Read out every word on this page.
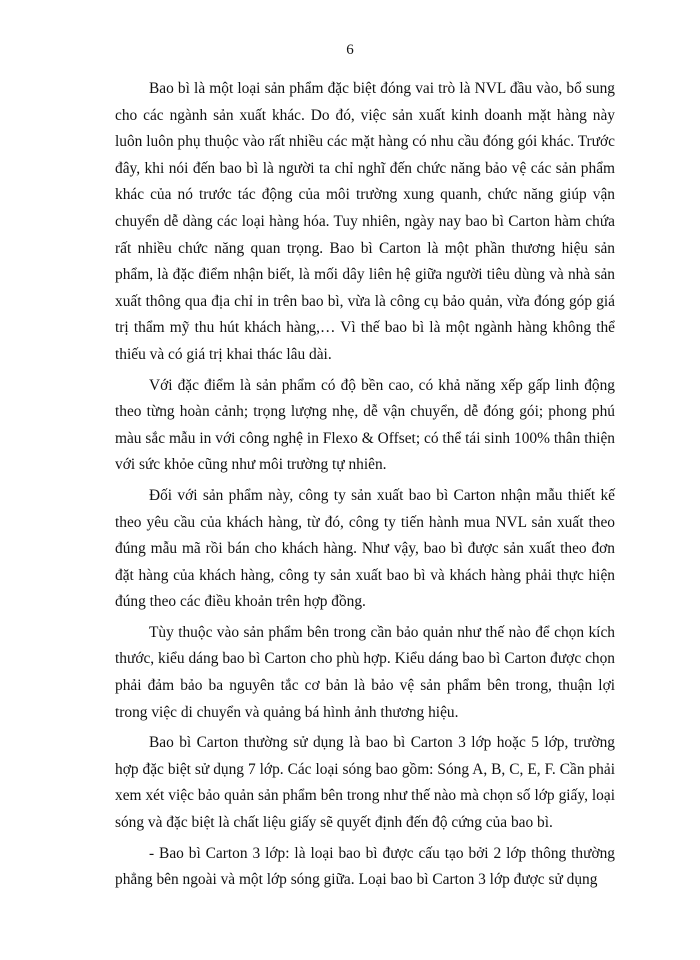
6

Bao bì là một loại sản phẩm đặc biệt đóng vai trò là NVL đầu vào, bổ sung cho các ngành sản xuất khác. Do đó, việc sản xuất kinh doanh mặt hàng này luôn luôn phụ thuộc vào rất nhiều các mặt hàng có nhu cầu đóng gói khác. Trước đây, khi nói đến bao bì là người ta chỉ nghĩ đến chức năng bảo vệ các sản phẩm khác của nó trước tác động của môi trường xung quanh, chức năng giúp vận chuyển dễ dàng các loại hàng hóa. Tuy nhiên, ngày nay bao bì Carton hàm chứa rất nhiều chức năng quan trọng. Bao bì Carton là một phần thương hiệu sản phẩm, là đặc điểm nhận biết, là mối dây liên hệ giữa người tiêu dùng và nhà sản xuất thông qua địa chỉ in trên bao bì, vừa là công cụ bảo quản, vừa đóng góp giá trị thẩm mỹ thu hút khách hàng,… Vì thế bao bì là một ngành hàng không thể thiếu và có giá trị khai thác lâu dài.

Với đặc điểm là sản phẩm có độ bền cao, có khả năng xếp gấp linh động theo từng hoàn cảnh; trọng lượng nhẹ, dễ vận chuyển, dễ đóng gói; phong phú màu sắc mẫu in với công nghệ in Flexo & Offset; có thể tái sinh 100% thân thiện với sức khỏe cũng như môi trường tự nhiên.

Đối với sản phẩm này, công ty sản xuất bao bì Carton nhận mẫu thiết kế theo yêu cầu của khách hàng, từ đó, công ty tiến hành mua NVL sản xuất theo đúng mẫu mã rồi bán cho khách hàng. Như vậy, bao bì được sản xuất theo đơn đặt hàng của khách hàng, công ty sản xuất bao bì và khách hàng phải thực hiện đúng theo các điều khoản trên hợp đồng.

Tùy thuộc vào sản phẩm bên trong cần bảo quản như thế nào để chọn kích thước, kiểu dáng bao bì Carton cho phù hợp. Kiểu dáng bao bì Carton được chọn phải đảm bảo ba nguyên tắc cơ bản là bảo vệ sản phẩm bên trong, thuận lợi trong việc di chuyển và quảng bá hình ảnh thương hiệu.

Bao bì Carton thường sử dụng là bao bì Carton 3 lớp hoặc 5 lớp, trường hợp đặc biệt sử dụng 7 lớp. Các loại sóng bao gồm: Sóng A, B, C, E, F. Cần phải xem xét việc bảo quản sản phẩm bên trong như thế nào mà chọn số lớp giấy, loại sóng và đặc biệt là chất liệu giấy sẽ quyết định đến độ cứng của bao bì.

- Bao bì Carton 3 lớp: là loại bao bì được cấu tạo bởi 2 lớp thông thường phẳng bên ngoài và một lớp sóng giữa. Loại bao bì Carton 3 lớp được sử dụng
